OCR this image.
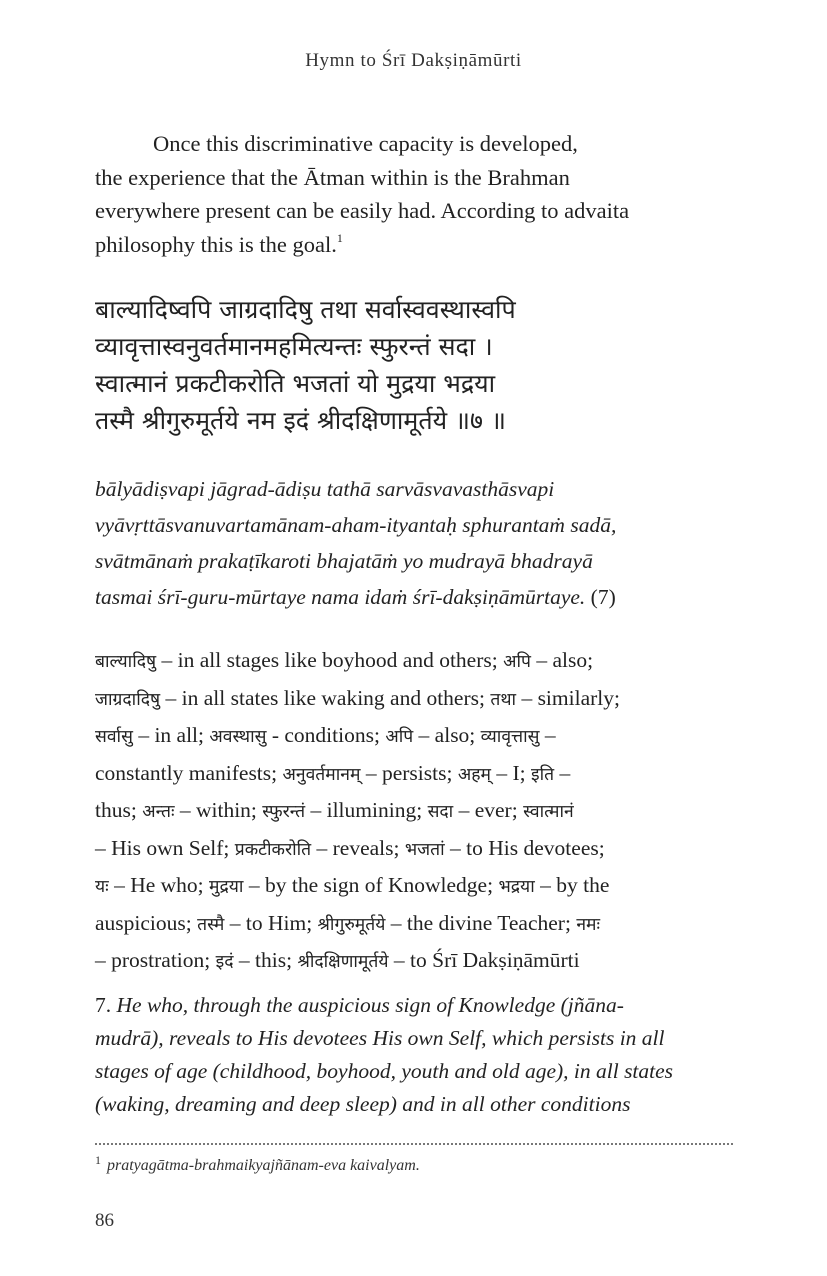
Hymn to Śrī Dakṣiṇāmūrti
Once this discriminative capacity is developed,
the experience that the Ātman within is the Brahman
everywhere present can be easily had. According to advaita
philosophy this is the goal.$^1$
बाल्यादिष्वपि जाग्रदादिषु तथा सर्वास्ववस्थास्वपि
व्यावृत्तास्वनुवर्तमानमहमित्यन्तः स्फुरन्तं सदा ।
स्वात्मानं प्रकटीकरोति भजतां यो मुद्रया भद्रया
तस्मै श्रीगुरुमूर्तये नम इदं श्रीदक्षिणामूर्तये ॥७ ॥
bālyādiṣvapi jāgrad-ādiṣu tathā sarvāsvavasthāsvapi
vyāvṛttāsvanuvartamānam-aham-ityantaḥ sphurantaṁ sadā,
svātmānaṁ prakaṭīkaroti bhajatāṁ yo mudrayā bhadrayā
tasmai śrī-guru-mūrtaye nama idaṁ śrī-dakṣiṇāmūrtaye. (7)
बाल्यादिषु – in all stages like boyhood and others; अपि – also;
जाग्रदादिषु – in all states like waking and others; तथा – similarly;
सर्वासु – in all; अवस्थासु - conditions; अपि – also; व्यावृत्तासु –
constantly manifests; अनुवर्तमानम् – persists; अहम् – I; इति –
thus; अन्तः – within; स्फुरन्तं – illumining; सदा – ever; स्वात्मानं
– His own Self; प्रकटीकरोति – reveals; भजतां – to His devotees;
यः – He who; मुद्रया – by the sign of Knowledge; भद्रया – by the
auspicious; तस्मै – to Him; श्रीगुरुमूर्तये – the divine Teacher; नमः
– prostration; इदं – this; श्रीदक्षिणामूर्तये – to Śrī Dakṣiṇāmūrti
7. He who, through the auspicious sign of Knowledge (jñāna-
mudrā), reveals to His devotees His own Self, which persists in all
stages of age (childhood, boyhood, youth and old age), in all states
(waking, dreaming and deep sleep) and in all other conditions
$^1$ pratyagātma-brahmaikyajñānam-eva kaivalyam.
86
